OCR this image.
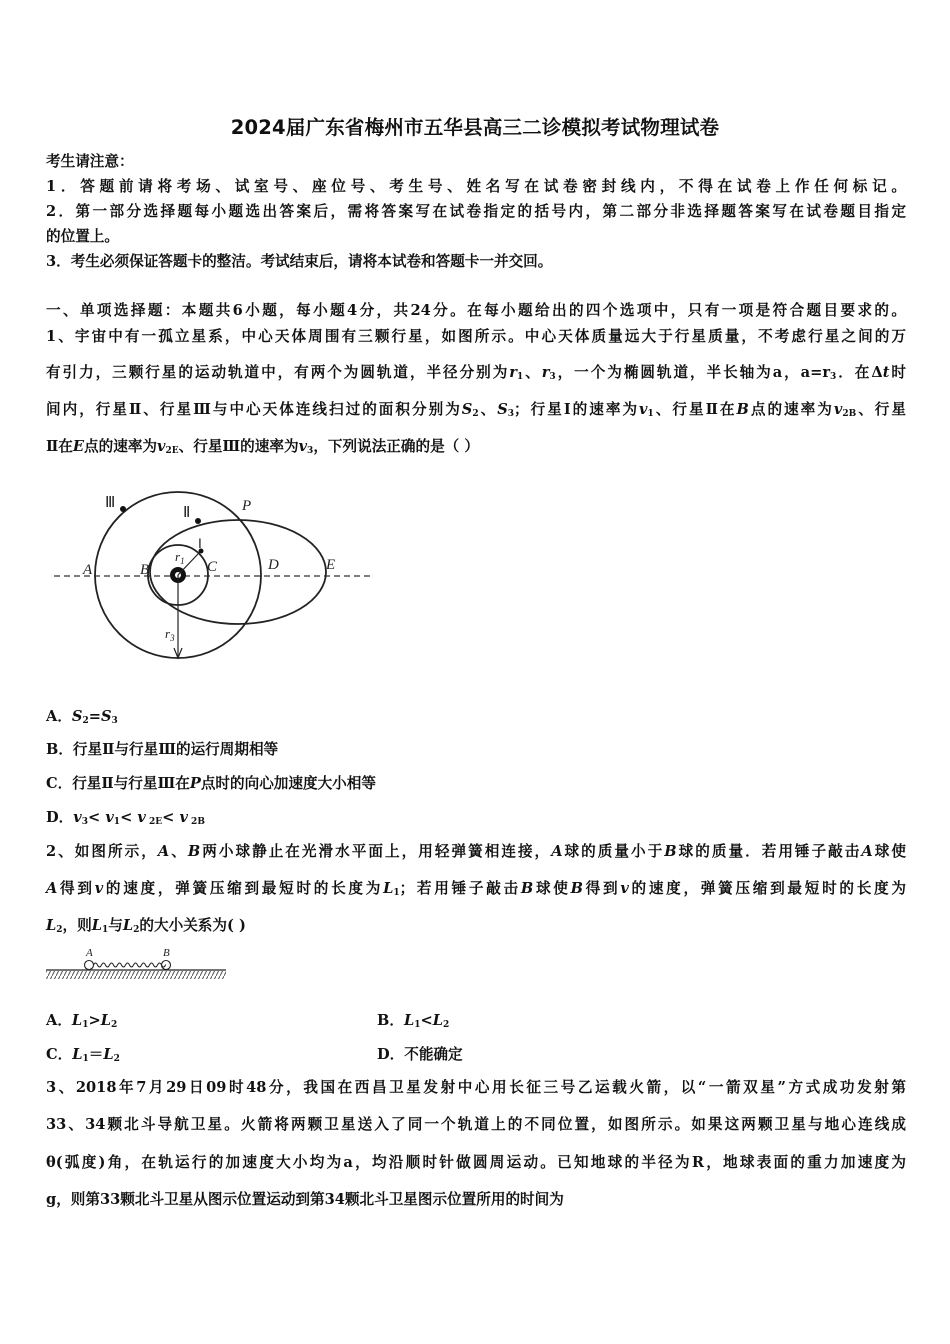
2024届广东省梅州市五华县高三二诊模拟考试物理试卷
考生请注意：
1．答题前请将考场、试室号、座位号、考生号、姓名写在试卷密封线内，不得在试卷上作任何标记。
2．第一部分选择题每小题选出答案后，需将答案写在试卷指定的括号内，第二部分非选择题答案写在试卷题目指定
的位置上。
3．考生必须保证答题卡的整洁。考试结束后，请将本试卷和答题卡一并交回。
一、单项选择题：本题共6小题，每小题4分，共24分。在每小题给出的四个选项中，只有一项是符合题目要求的。
1、宇宙中有一孤立星系，中心天体周围有三颗行星，如图所示。中心天体质量远大于行星质量，不考虑行星之间的万
有引力，三颗行星的运动轨道中，有两个为圆轨道，半径分别为$r_1$、$r_3$，一个为椭圆轨道，半长轴为a，$a=r_3$．在Δt时
间内，行星Ⅱ、行星Ⅲ与中心天体连线扫过的面积分别为$S_2$、$S_3$；行星Ⅰ的速率为$v_1$、行星Ⅱ在B点的速率为$v_{2B}$、行星
Ⅱ在E点的速率为$v_{2E}$、行星Ⅲ的速率为$v_3$，下列说法正确的是（ ）
Ⅲ
Ⅱ
Ⅰ
P
A	B	C	D	E
$r_1$
$r_3$
A．$S_2=S_3$
B．行星Ⅱ与行星Ⅲ的运行周期相等
C．行星Ⅱ与行星Ⅲ在P点时的向心加速度大小相等
D．$v_3< v_1< v$ $_{2E}$< v $_{2B}$
2、如图所示，A、B两小球静止在光滑水平面上，用轻弹簧相连接，A球的质量小于B球的质量．若用锤子敲击A球使
A得到v的速度，弹簧压缩到最短时的长度为$L_1$；若用锤子敲击B球使B得到v的速度，弹簧压缩到最短时的长度为
$L_2$，则$L_1$与$L_2$的大小关系为( )
A	B
A．$L_1>L_2$	B．$L_1<L_2$
C．$L_1=L_2$	D．不能确定
3、2018年7月29日09时48分，我国在西昌卫星发射中心用长征三号乙运载火箭，以“一箭双星”方式成功发射第
33、34颗北斗导航卫星。火箭将两颗卫星送入了同一个轨道上的不同位置，如图所示。如果这两颗卫星与地心连线成
θ(弧度)角，在轨运行的加速度大小均为a，均沿顺时针做圆周运动。已知地球的半径为R，地球表面的重力加速度为
g，则第33颗北斗卫星从图示位置运动到第34颗北斗卫星图示位置所用的时间为
